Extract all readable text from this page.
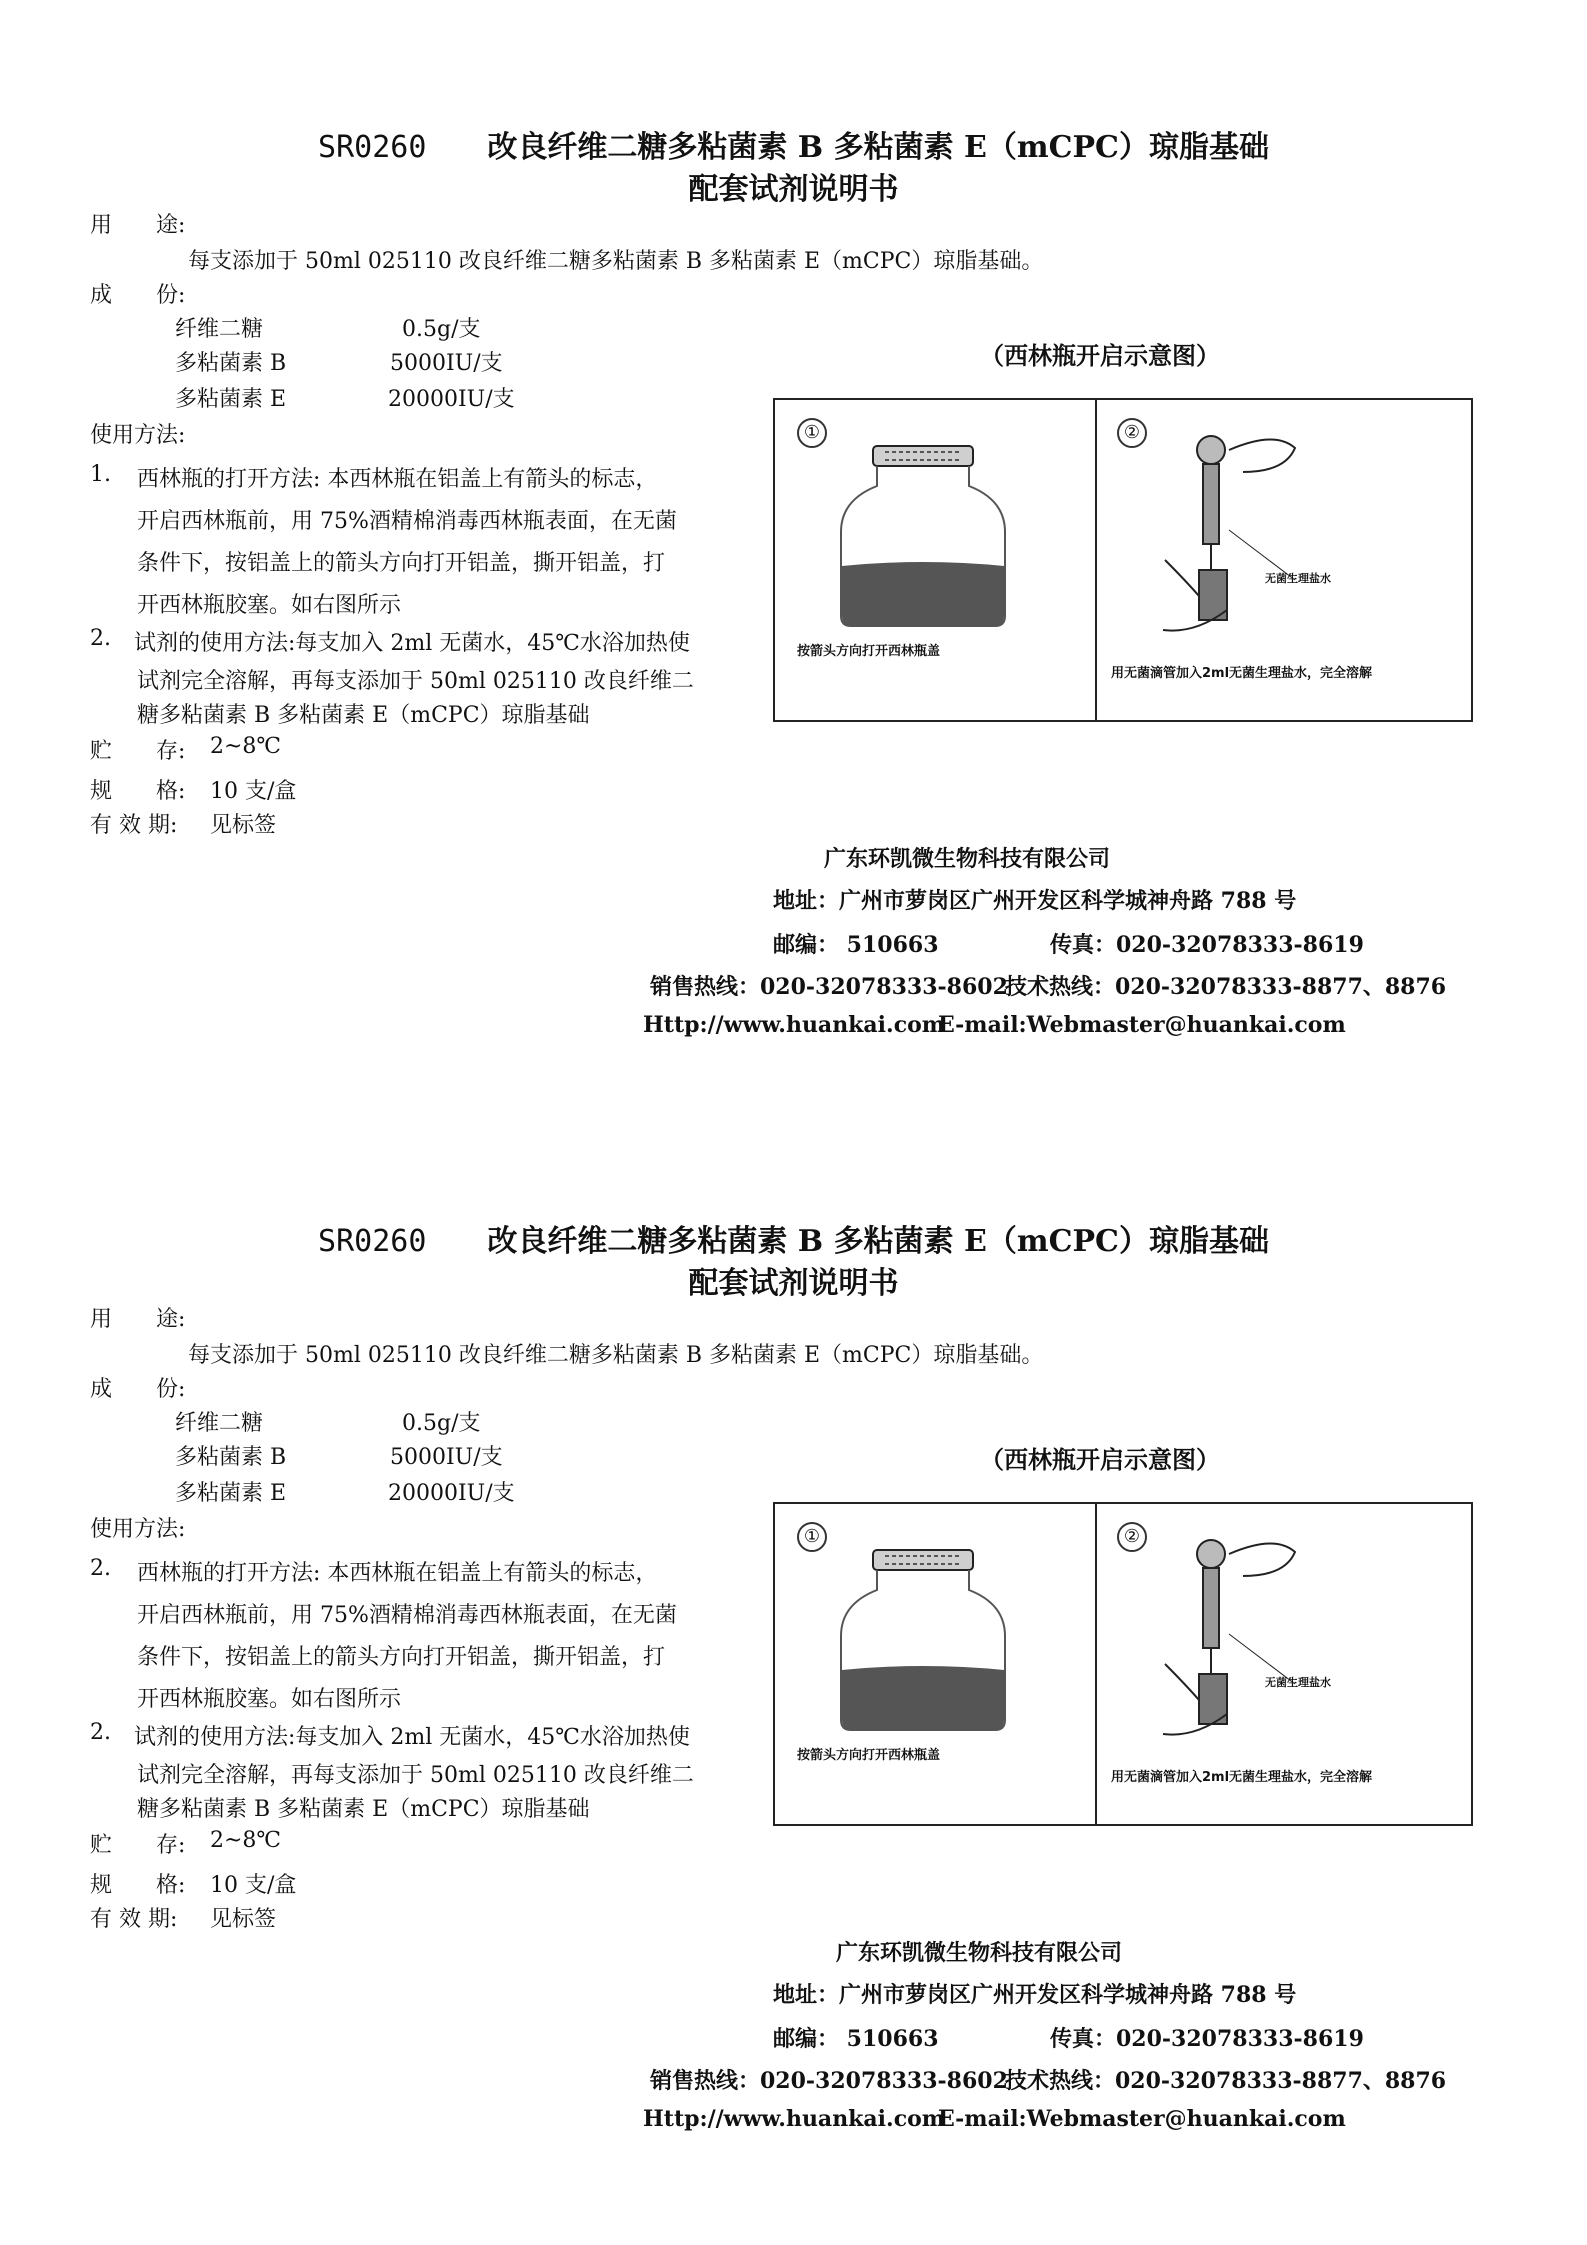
SR0260 改良纤维二糖多粘菌素 B 多粘菌素 E（mCPC）琼脂基础
配套试剂说明书
用　　途:
每支添加于 50ml 025110 改良纤维二糖多粘菌素 B 多粘菌素 E（mCPC）琼脂基础。
成　　份:
纤维二糖	0.5g/支
多粘菌素 B	5000IU/支
多粘菌素 E	20000IU/支
使用方法:
1. 西林瓶的打开方法: 本西林瓶在铝盖上有箭头的标志，
开启西林瓶前，用 75%酒精棉消毒西林瓶表面，在无菌
条件下，按铝盖上的箭头方向打开铝盖，撕开铝盖，打
开西林瓶胶塞。如右图所示
2. 试剂的使用方法:每支加入 2ml 无菌水，45℃水浴加热使
试剂完全溶解，再每支添加于 50ml 025110 改良纤维二
糖多粘菌素 B 多粘菌素 E（mCPC）琼脂基础
贮　　存: 2~8℃
规　　格: 10 支/盒
有 效 期: 见标签
（西林瓶开启示意图）
①
按箭头方向打开西林瓶盖
②
无菌生理盐水
用无菌滴管加入2ml无菌生理盐水，完全溶解
广东环凯微生物科技有限公司
地址：广州市萝岗区广州开发区科学城神舟路 788 号
邮编： 510663	传真：020-32078333-8619
销售热线：020-32078333-8602
技术热线：020-32078333-8877、8876
Http://www.huankai.com
E-mail:Webmaster@huankai.com
SR0260 改良纤维二糖多粘菌素 B 多粘菌素 E（mCPC）琼脂基础
配套试剂说明书
用　　途:
每支添加于 50ml 025110 改良纤维二糖多粘菌素 B 多粘菌素 E（mCPC）琼脂基础。
成　　份:
纤维二糖	0.5g/支
多粘菌素 B	5000IU/支
多粘菌素 E	20000IU/支
使用方法:
2. 西林瓶的打开方法: 本西林瓶在铝盖上有箭头的标志，
开启西林瓶前，用 75%酒精棉消毒西林瓶表面，在无菌
条件下，按铝盖上的箭头方向打开铝盖，撕开铝盖，打
开西林瓶胶塞。如右图所示
2. 试剂的使用方法:每支加入 2ml 无菌水，45℃水浴加热使
试剂完全溶解，再每支添加于 50ml 025110 改良纤维二
糖多粘菌素 B 多粘菌素 E（mCPC）琼脂基础
贮　　存: 2~8℃
规　　格: 10 支/盒
有 效 期: 见标签
（西林瓶开启示意图）
①
按箭头方向打开西林瓶盖
②
无菌生理盐水
用无菌滴管加入2ml无菌生理盐水，完全溶解
广东环凯微生物科技有限公司
地址：广州市萝岗区广州开发区科学城神舟路 788 号
邮编： 510663	传真：020-32078333-8619
销售热线：020-32078333-8602
技术热线：020-32078333-8877、8876
Http://www.huankai.com
E-mail:Webmaster@huankai.com
